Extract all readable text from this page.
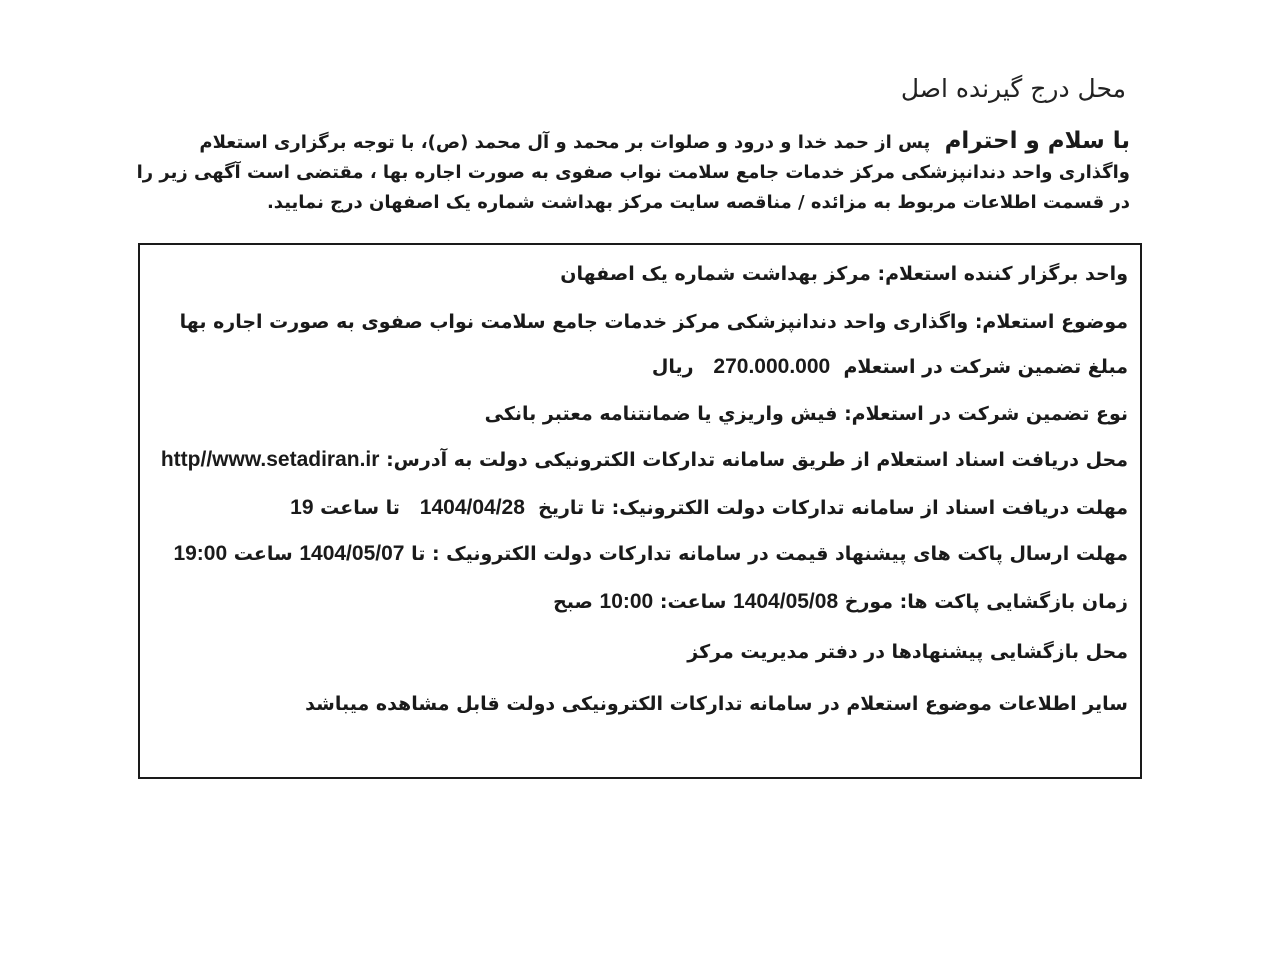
محل درج گیرنده اصل
با سلام و احترام پس از حمد خدا و درود و صلوات بر محمد و آل محمد (ص)، با توجه برگزاری استعلام
واگذاری واحد دندانپزشکی مرکز خدمات جامع سلامت نواب صفوی به صورت اجاره بها ، مقتضی است آگهی زیر را
در قسمت اطلاعات مربوط به مزائده / مناقصه سایت مرکز بهداشت شماره یک اصفهان درج نمایید.
واحد برگزار کننده استعلام: مرکز بهداشت شماره یک اصفهان
موضوع استعلام: واگذاری واحد دندانپزشکی مرکز خدمات جامع سلامت نواب صفوی به صورت اجاره بها
مبلغ تضمین شرکت در استعلام  270.000.000   ریال
نوع تضمین شرکت در استعلام: فیش واریزي یا ضمانتنامه معتبر بانکی
محل دریافت اسناد استعلام از طریق سامانه تدارکات الکترونیکی دولت به آدرس: http//www.setadiran.ir
مهلت دریافت اسناد از سامانه تدارکات دولت الکترونیک: تا تاریخ  1404/04/28   تا ساعت 19
مهلت ارسال پاکت های پیشنهاد قیمت در سامانه تدارکات دولت الکترونیک : تا 1404/05/07 ساعت 19:00
زمان بازگشایی پاکت ها: مورخ 1404/05/08 ساعت: 10:00 صبح
محل بازگشایی پیشنهادها در دفتر مدیریت مرکز
سایر اطلاعات موضوع استعلام در سامانه تدارکات الکترونیکی دولت قابل مشاهده میباشد
